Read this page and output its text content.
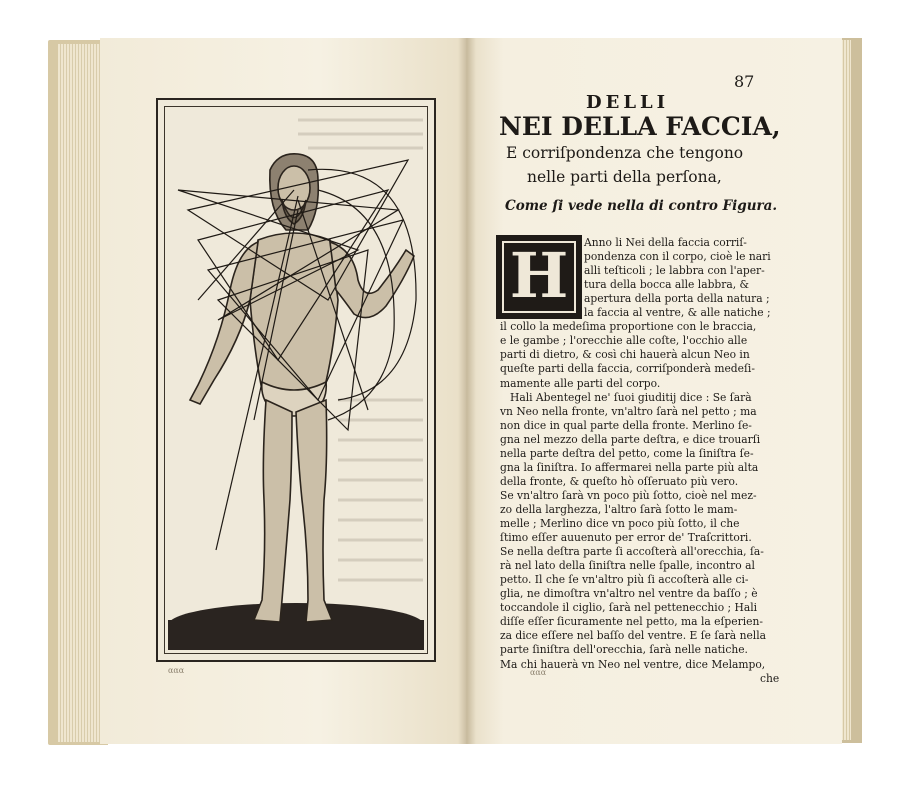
ααα
87
DELLI
NEI DELLA FACCIA,
E corriſpondenza che tengono
nelle parti della perſona,
Come ſi vede nella di contro Figura.
H	Anno li Nei della faccia corriſ-
pondenza con il corpo, cioè le nari
alli teſticoli ; le labbra con l'aper-
tura della bocca alle labbra, &
apertura della porta della natura ;
la faccia al ventre, & alle natiche ;
il collo la medeſima proportione con le braccia,
e le gambe ; l'orecchie alle coſte, l'occhio alle
parti di dietro, & così chi hauerà alcun Neo in
queſte parti della faccia, corriſponderà medeſi-
mamente alle parti del corpo.
Hali Abentegel ne' ſuoi giuditij dice : Se ſarà
vn Neo nella fronte, vn'altro ſarà nel petto ; ma
non dice in qual parte della fronte. Merlino ſe-
gna nel mezzo della parte deſtra, e dice trouarſi
nella parte deſtra del petto, come la ſiniſtra ſe-
gna la ſiniſtra. Io affermarei nella parte più alta
della fronte, & queſto hò oſſeruato più vero.
Se vn'altro ſarà vn poco più ſotto, cioè nel mez-
zo della larghezza, l'altro ſarà ſotto le mam-
melle ; Merlino dice vn poco più ſotto, il che
ſtimo eſſer auuenuto per error de' Traſcrittori.
Se nella deſtra parte ſi accoſterà all'orecchia, ſa-
rà nel lato della ſiniſtra nelle ſpalle, incontro al
petto. Il che ſe vn'altro più ſi accoſterà alle ci-
glia, ne dimoſtra vn'altro nel ventre da baſſo ; è
toccandole il ciglio, ſarà nel pettenecchio ; Hali
diſſe eſſer ſicuramente nel petto, ma la eſperien-
za dice eſſere nel baſſo del ventre. E ſe ſarà nella
parte ſiniſtra dell'orecchia, ſarà nelle natiche.
Ma chi hauerà vn Neo nel ventre, dice Melampo,
che
ααα
